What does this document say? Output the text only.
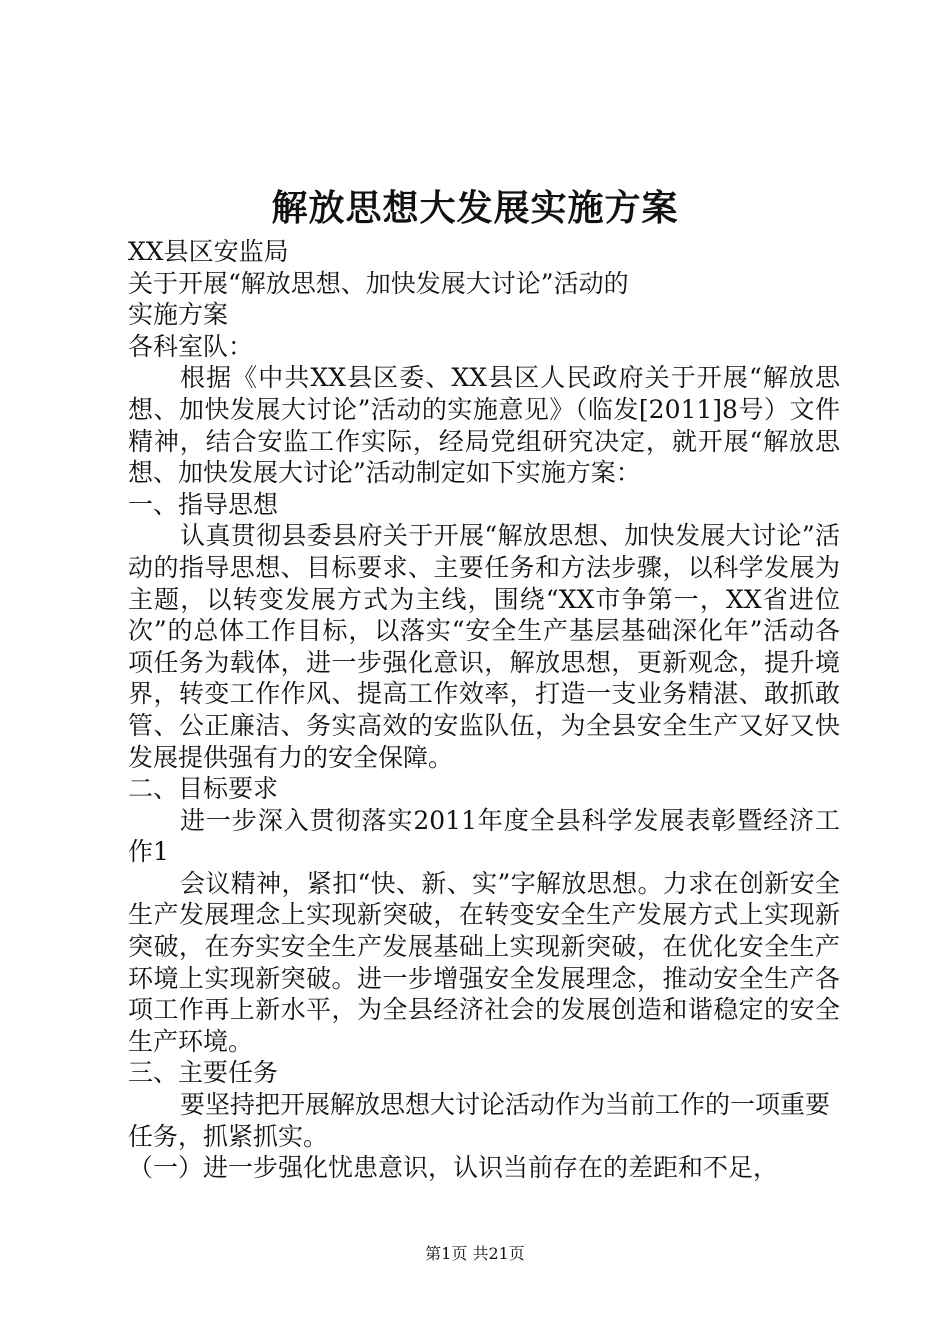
解放思想大发展实施方案

XX县区安监局

关于开展“解放思想、加快发展大讨论”活动的

实施方案

各科室队：

根据《中共XX县区委、XX县区人民政府关于开展“解放思想、加快发展大讨论”活动的实施意见》（临发[2011]8号）文件精神，结合安监工作实际，经局党组研究决定，就开展“解放思想、加快发展大讨论”活动制定如下实施方案：

一、指导思想

认真贯彻县委县府关于开展“解放思想、加快发展大讨论”活动的指导思想、目标要求、主要任务和方法步骤，以科学发展为主题，以转变发展方式为主线，围绕“XX市争第一，XX省进位次”的总体工作目标，以落实“安全生产基层基础深化年”活动各项任务为载体，进一步强化意识，解放思想，更新观念，提升境界，转变工作作风、提高工作效率，打造一支业务精湛、敢抓敢管、公正廉洁、务实高效的安监队伍，为全县安全生产又好又快发展提供强有力的安全保障。

二、目标要求

进一步深入贯彻落实2011年度全县科学发展表彰暨经济工作1

会议精神，紧扣“快、新、实”字解放思想。力求在创新安全生产发展理念上实现新突破，在转变安全生产发展方式上实现新突破，在夯实安全生产发展基础上实现新突破，在优化安全生产环境上实现新突破。进一步增强安全发展理念，推动安全生产各项工作再上新水平，为全县经济社会的发展创造和谐稳定的安全生产环境。

三、主要任务

要坚持把开展解放思想大讨论活动作为当前工作的一项重要

任务，抓紧抓实。

（一）进一步强化忧患意识，认识当前存在的差距和不足，

第1页 共21页
